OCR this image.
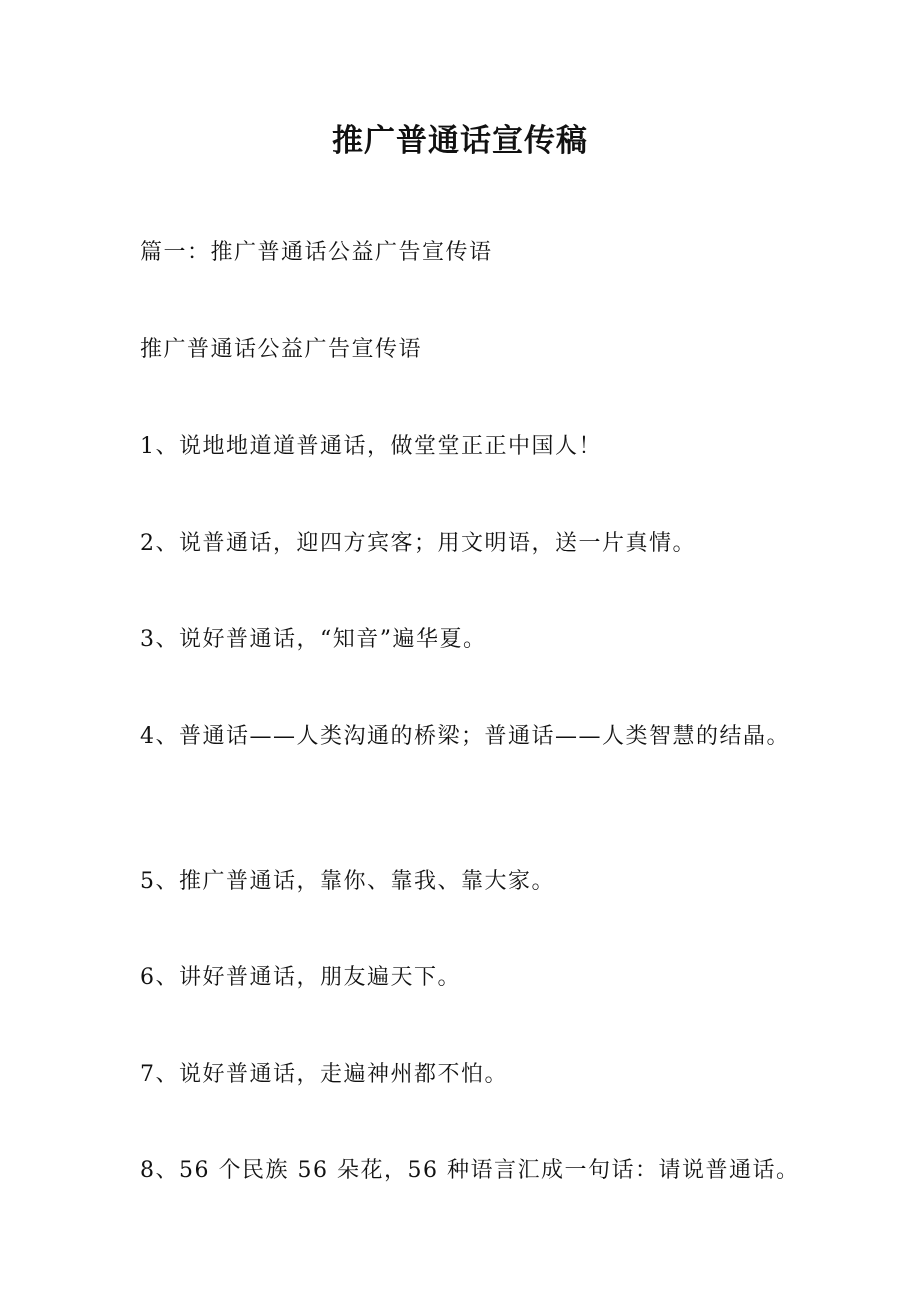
推广普通话宣传稿
篇一：推广普通话公益广告宣传语
推广普通话公益广告宣传语
1、说地地道道普通话，做堂堂正正中国人！
2、说普通话，迎四方宾客；用文明语，送一片真情。
3、说好普通话，“知音”遍华夏。
4、普通话——人类沟通的桥梁；普通话——人类智慧的结晶。
5、推广普通话，靠你、靠我、靠大家。
6、讲好普通话，朋友遍天下。
7、说好普通话，走遍神州都不怕。
8、56 个民族 56 朵花，56 种语言汇成一句话：请说普通话。
